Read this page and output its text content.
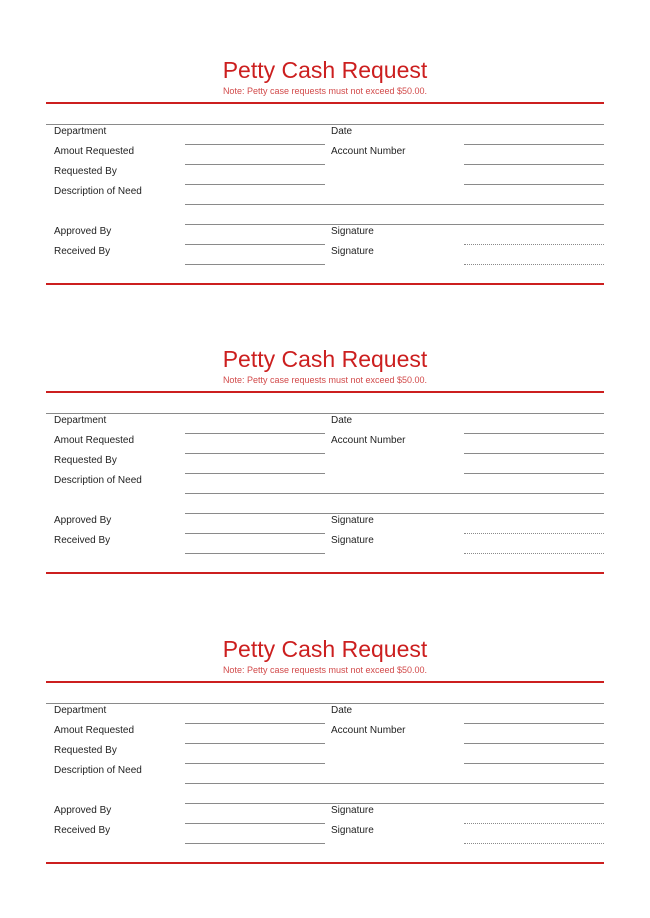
Petty Cash Request
Note: Petty case requests must not exceed $50.00.
Department
Amout Requested
Requested By
Description of Need
Approved By
Received By
Date
Account Number
Signature
Signature
Petty Cash Request
Note: Petty case requests must not exceed $50.00.
Department
Amout Requested
Requested By
Description of Need
Approved By
Received By
Date
Account Number
Signature
Signature
Petty Cash Request
Note: Petty case requests must not exceed $50.00.
Department
Amout Requested
Requested By
Description of Need
Approved By
Received By
Date
Account Number
Signature
Signature
